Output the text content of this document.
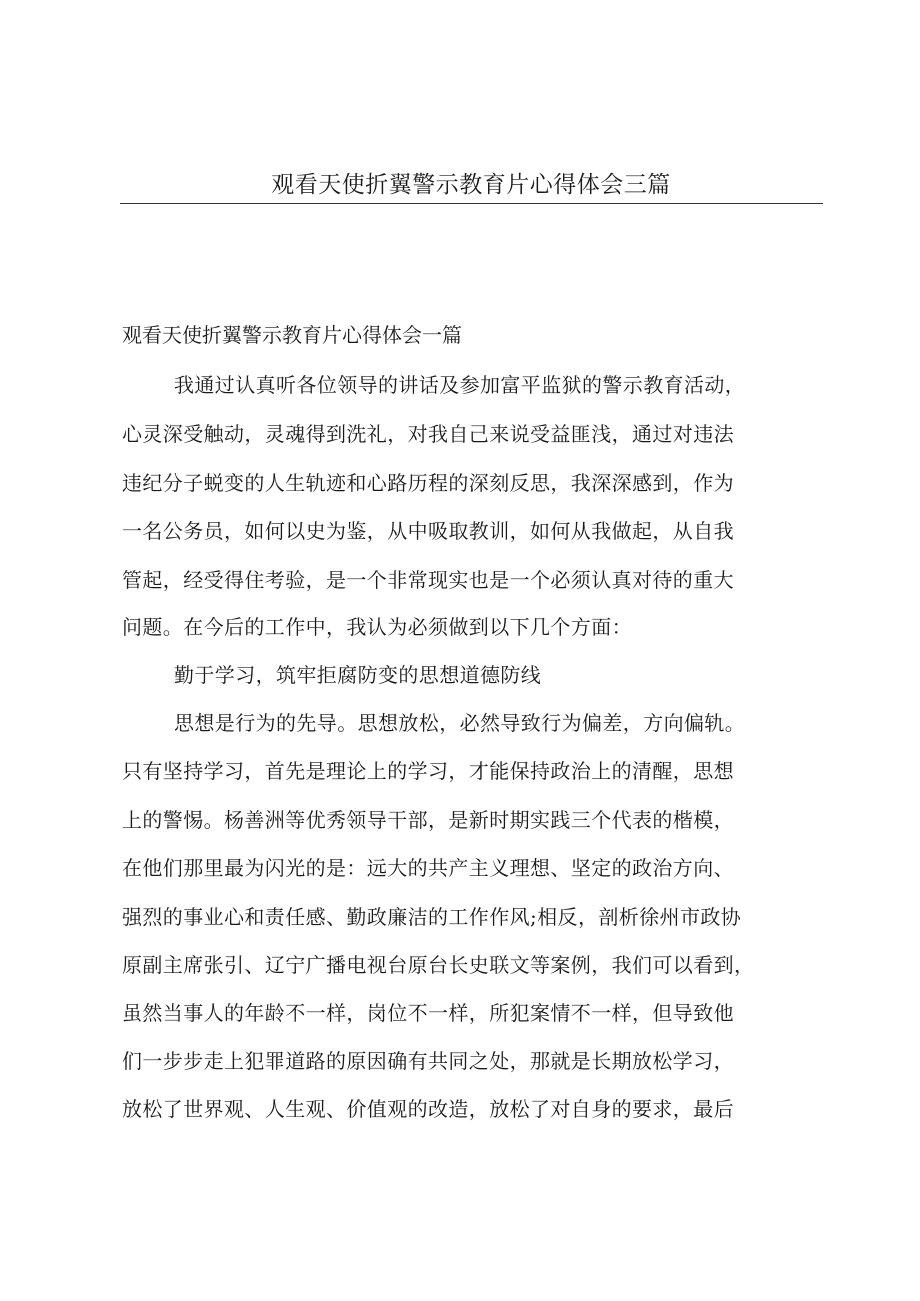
观看天使折翼警示教育片心得体会三篇
观看天使折翼警示教育片心得体会一篇
我通过认真听各位领导的讲话及参加富平监狱的警示教育活动，
心灵深受触动，灵魂得到洗礼，对我自己来说受益匪浅，通过对违法
违纪分子蜕变的人生轨迹和心路历程的深刻反思，我深深感到，作为
一名公务员，如何以史为鉴，从中吸取教训，如何从我做起，从自我
管起，经受得住考验，是一个非常现实也是一个必须认真对待的重大
问题。在今后的工作中，我认为必须做到以下几个方面：
勤于学习，筑牢拒腐防变的思想道德防线
思想是行为的先导。思想放松，必然导致行为偏差，方向偏轨。
只有坚持学习，首先是理论上的学习，才能保持政治上的清醒，思想
上的警惕。杨善洲等优秀领导干部，是新时期实践三个代表的楷模，
在他们那里最为闪光的是：远大的共产主义理想、坚定的政治方向、
强烈的事业心和责任感、勤政廉洁的工作作风;相反，剖析徐州市政协
原副主席张引、辽宁广播电视台原台长史联文等案例，我们可以看到，
虽然当事人的年龄不一样，岗位不一样，所犯案情不一样，但导致他
们一步步走上犯罪道路的原因确有共同之处，那就是长期放松学习，
放松了世界观、人生观、价值观的改造，放松了对自身的要求，最后
